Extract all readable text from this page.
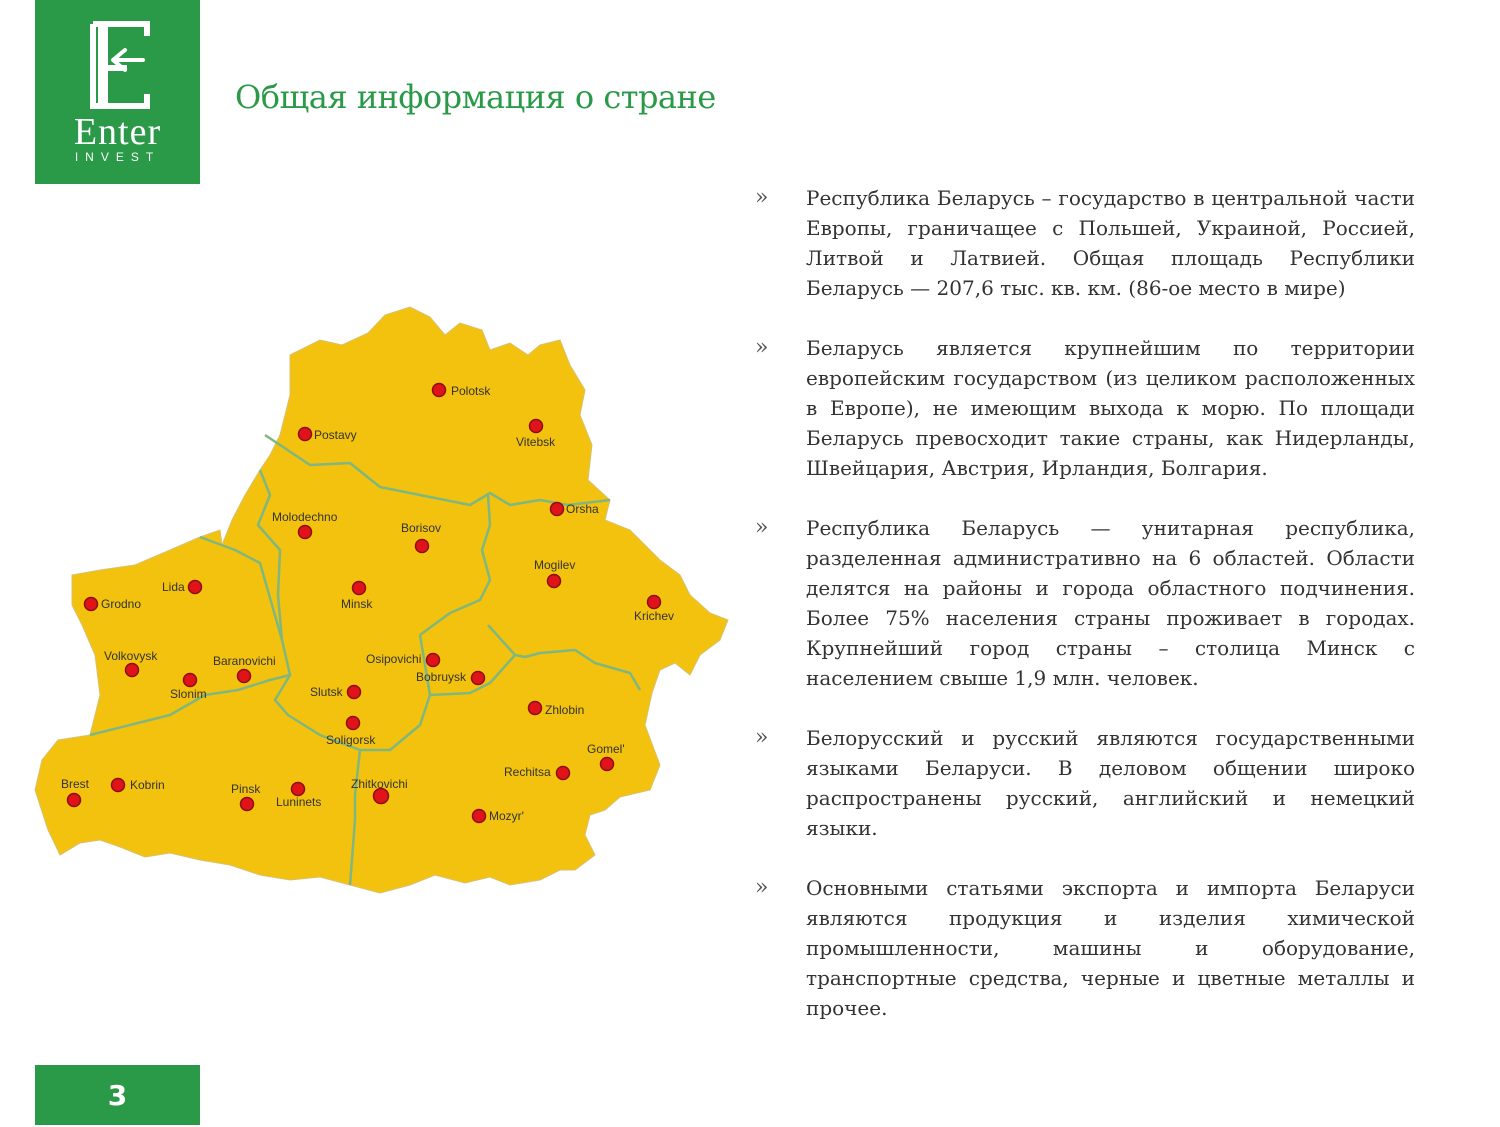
Enter
INVEST
Общая информация о стране
Polotsk
Postavy	Vitebsk
Orsha
Molodechno
Borisov
Mogilev
Lida
Grodno	Minsk
Krichev
Volkovysk	Baranovichi	Osipovichi
Slonim
Bobruysk
Slutsk
Zhlobin
Soligorsk
Gomel'
Brest	Kobrin	Pinsk	Zhitkovichi
Rechitsa
Luninets
Mozyr'
» Республика Беларусь – государство в центральной части Европы, граничащее с Польшей, Украиной, Россией, Литвой и Латвией. Общая площадь Республики Беларусь — 207,6 тыс. кв. км. (86-ое место в мире)
» Беларусь является крупнейшим по территории европейским государством (из целиком расположенных в Европе), не имеющим выхода к морю. По площади Беларусь превосходит такие страны, как Нидерланды, Швейцария, Австрия, Ирландия, Болгария.
» Республика Беларусь — унитарная республика, разделенная административно на 6 областей. Области делятся на районы и города областного подчинения. Более 75% населения страны проживает в городах. Крупнейший город страны – столица Минск с населением свыше 1,9 млн. человек.
» Белорусский и русский являются государственными языками Беларуси. В деловом общении широко распространены русский, английский и немецкий языки.
» Основными статьями экспорта и импорта Беларуси являются продукция и изделия химической промышленности, машины и оборудование, транспортные средства, черные и цветные металлы и прочее.
3
